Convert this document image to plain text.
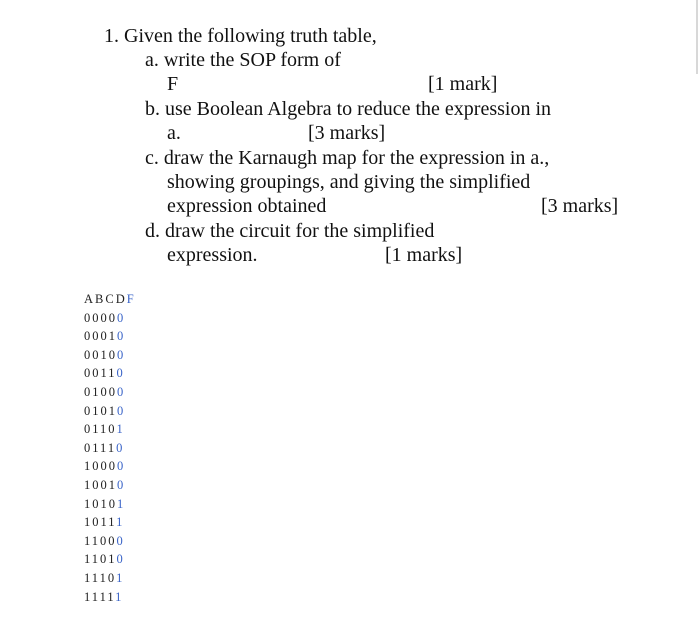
1. Given the following truth table,
a. write the SOP form of
F	[1 mark]
b. use Boolean Algebra to reduce the expression in
a.	[3 marks]
c. draw the Karnaugh map for the expression in a.,
showing groupings, and giving the simplified
expression obtained	[3 marks]
d. draw the circuit for the simplified
expression.	[1 marks]
ABCDF
00000
00010
00100
00110
01000
01010
01101
01110
10000
10010
10101
10111
11000
11010
11101
11111
